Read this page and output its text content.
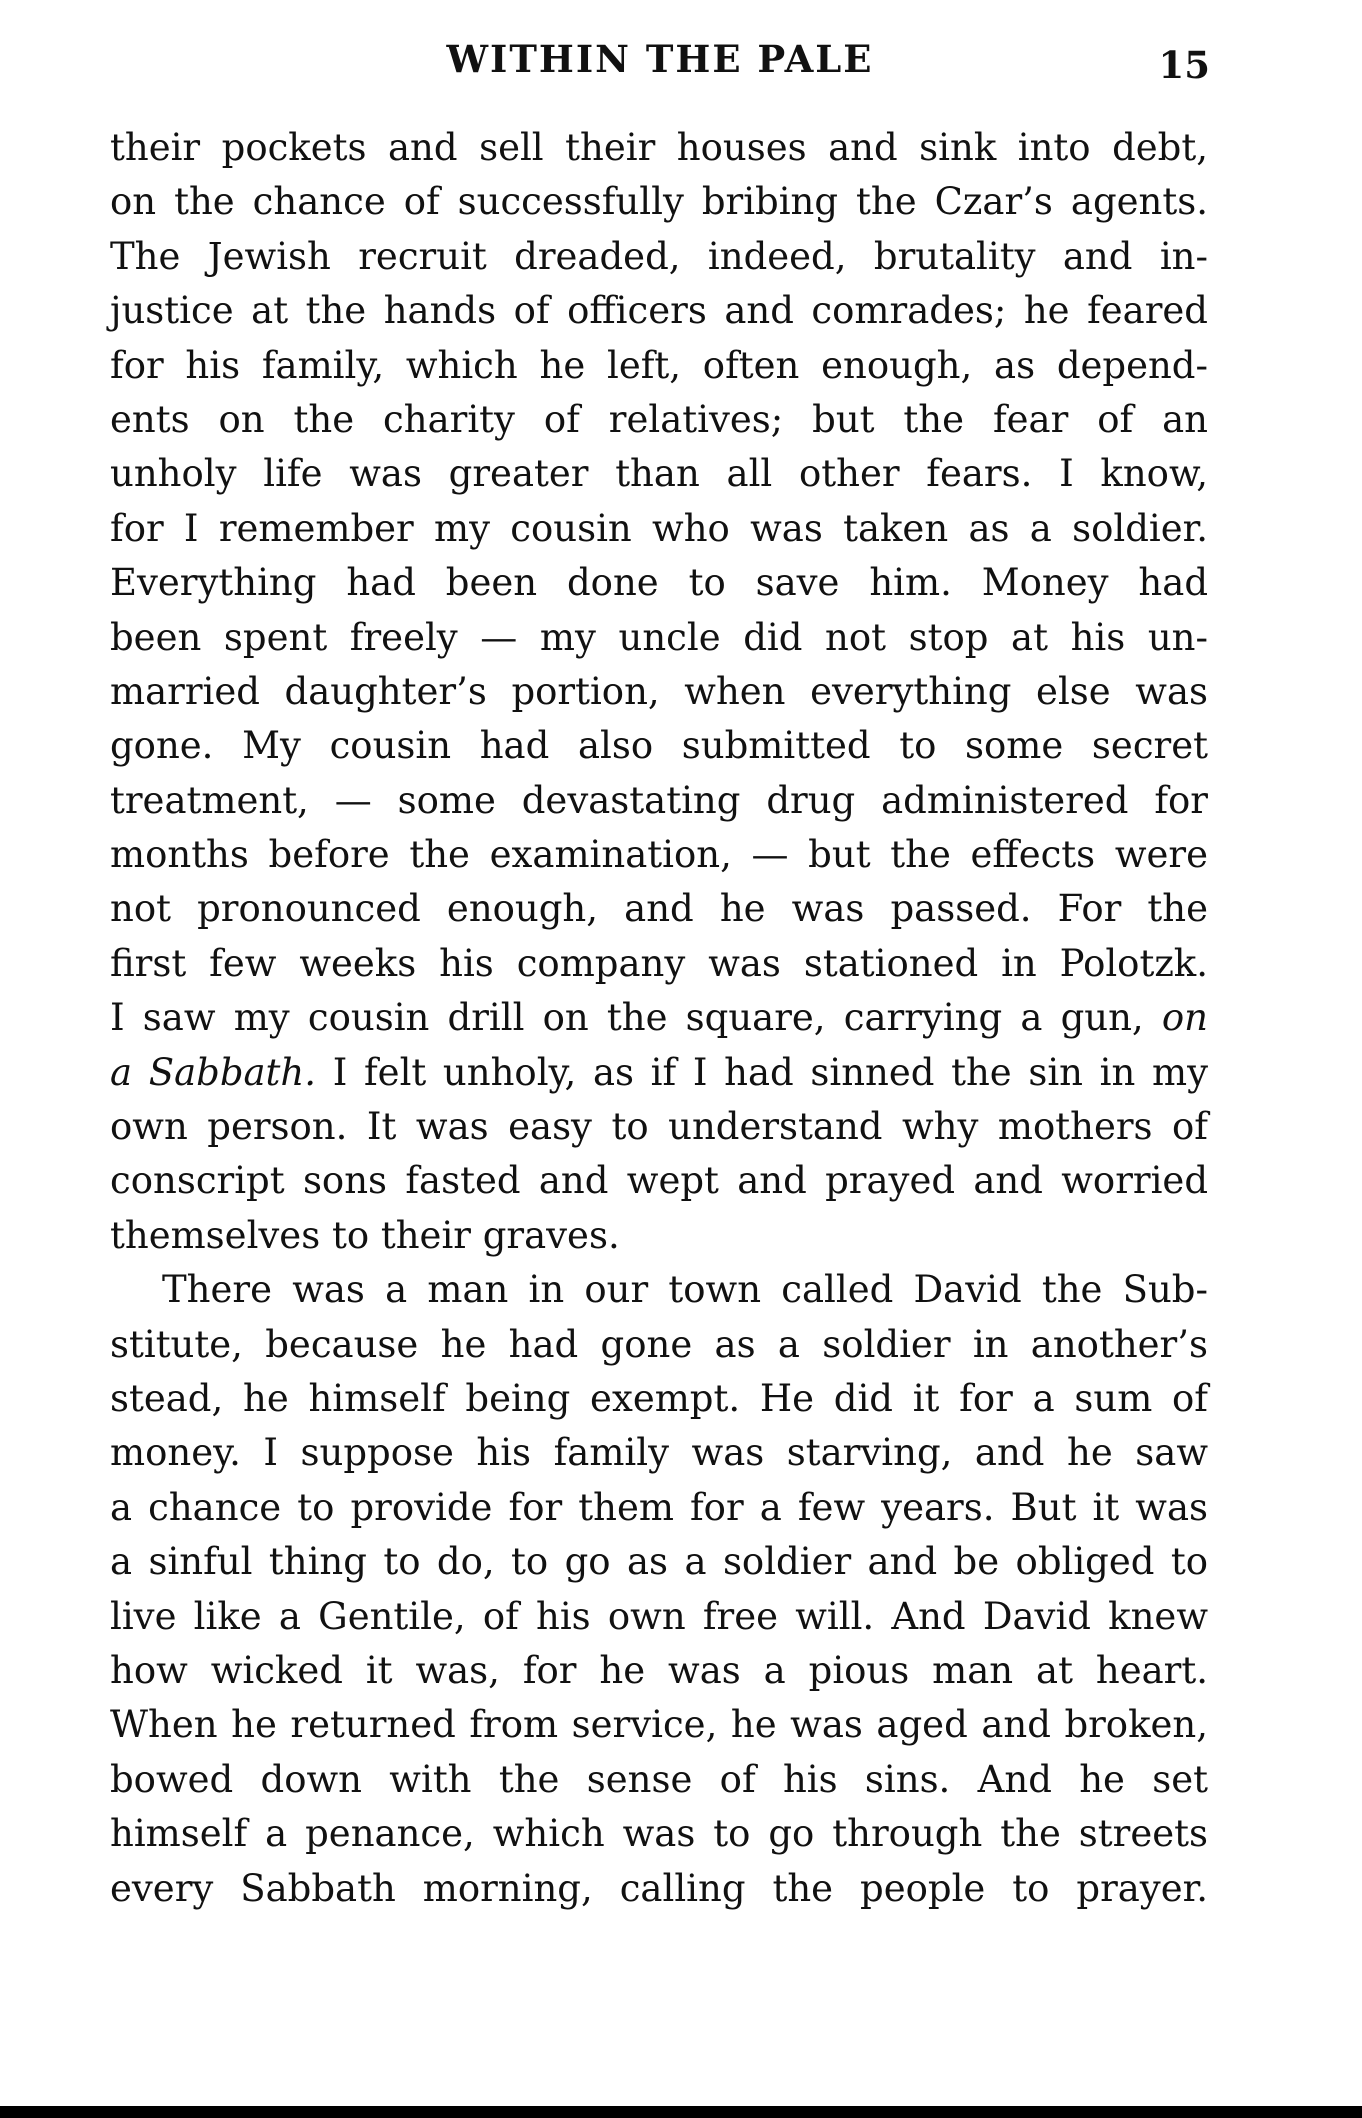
WITHIN THE PALE	15
their pockets and sell their houses and sink into debt,
on the chance of successfully bribing the Czar’s agents.
The Jewish recruit dreaded, indeed, brutality and in-
justice at the hands of officers and comrades; he feared
for his family, which he left, often enough, as depend-
ents on the charity of relatives; but the fear of an
unholy life was greater than all other fears. I know,
for I remember my cousin who was taken as a soldier.
Everything had been done to save him. Money had
been spent freely — my uncle did not stop at his un-
married daughter’s portion, when everything else was
gone. My cousin had also submitted to some secret
treatment, — some devastating drug administered for
months before the examination, — but the effects were
not pronounced enough, and he was passed. For the
first few weeks his company was stationed in Polotzk.
I saw my cousin drill on the square, carrying a gun, on
a Sabbath. I felt unholy, as if I had sinned the sin in my
own person. It was easy to understand why mothers of
conscript sons fasted and wept and prayed and worried
themselves to their graves.
There was a man in our town called David the Sub-
stitute, because he had gone as a soldier in another’s
stead, he himself being exempt. He did it for a sum of
money. I suppose his family was starving, and he saw
a chance to provide for them for a few years. But it was
a sinful thing to do, to go as a soldier and be obliged to
live like a Gentile, of his own free will. And David knew
how wicked it was, for he was a pious man at heart.
When he returned from service, he was aged and broken,
bowed down with the sense of his sins. And he set
himself a penance, which was to go through the streets
every Sabbath morning, calling the people to prayer.
